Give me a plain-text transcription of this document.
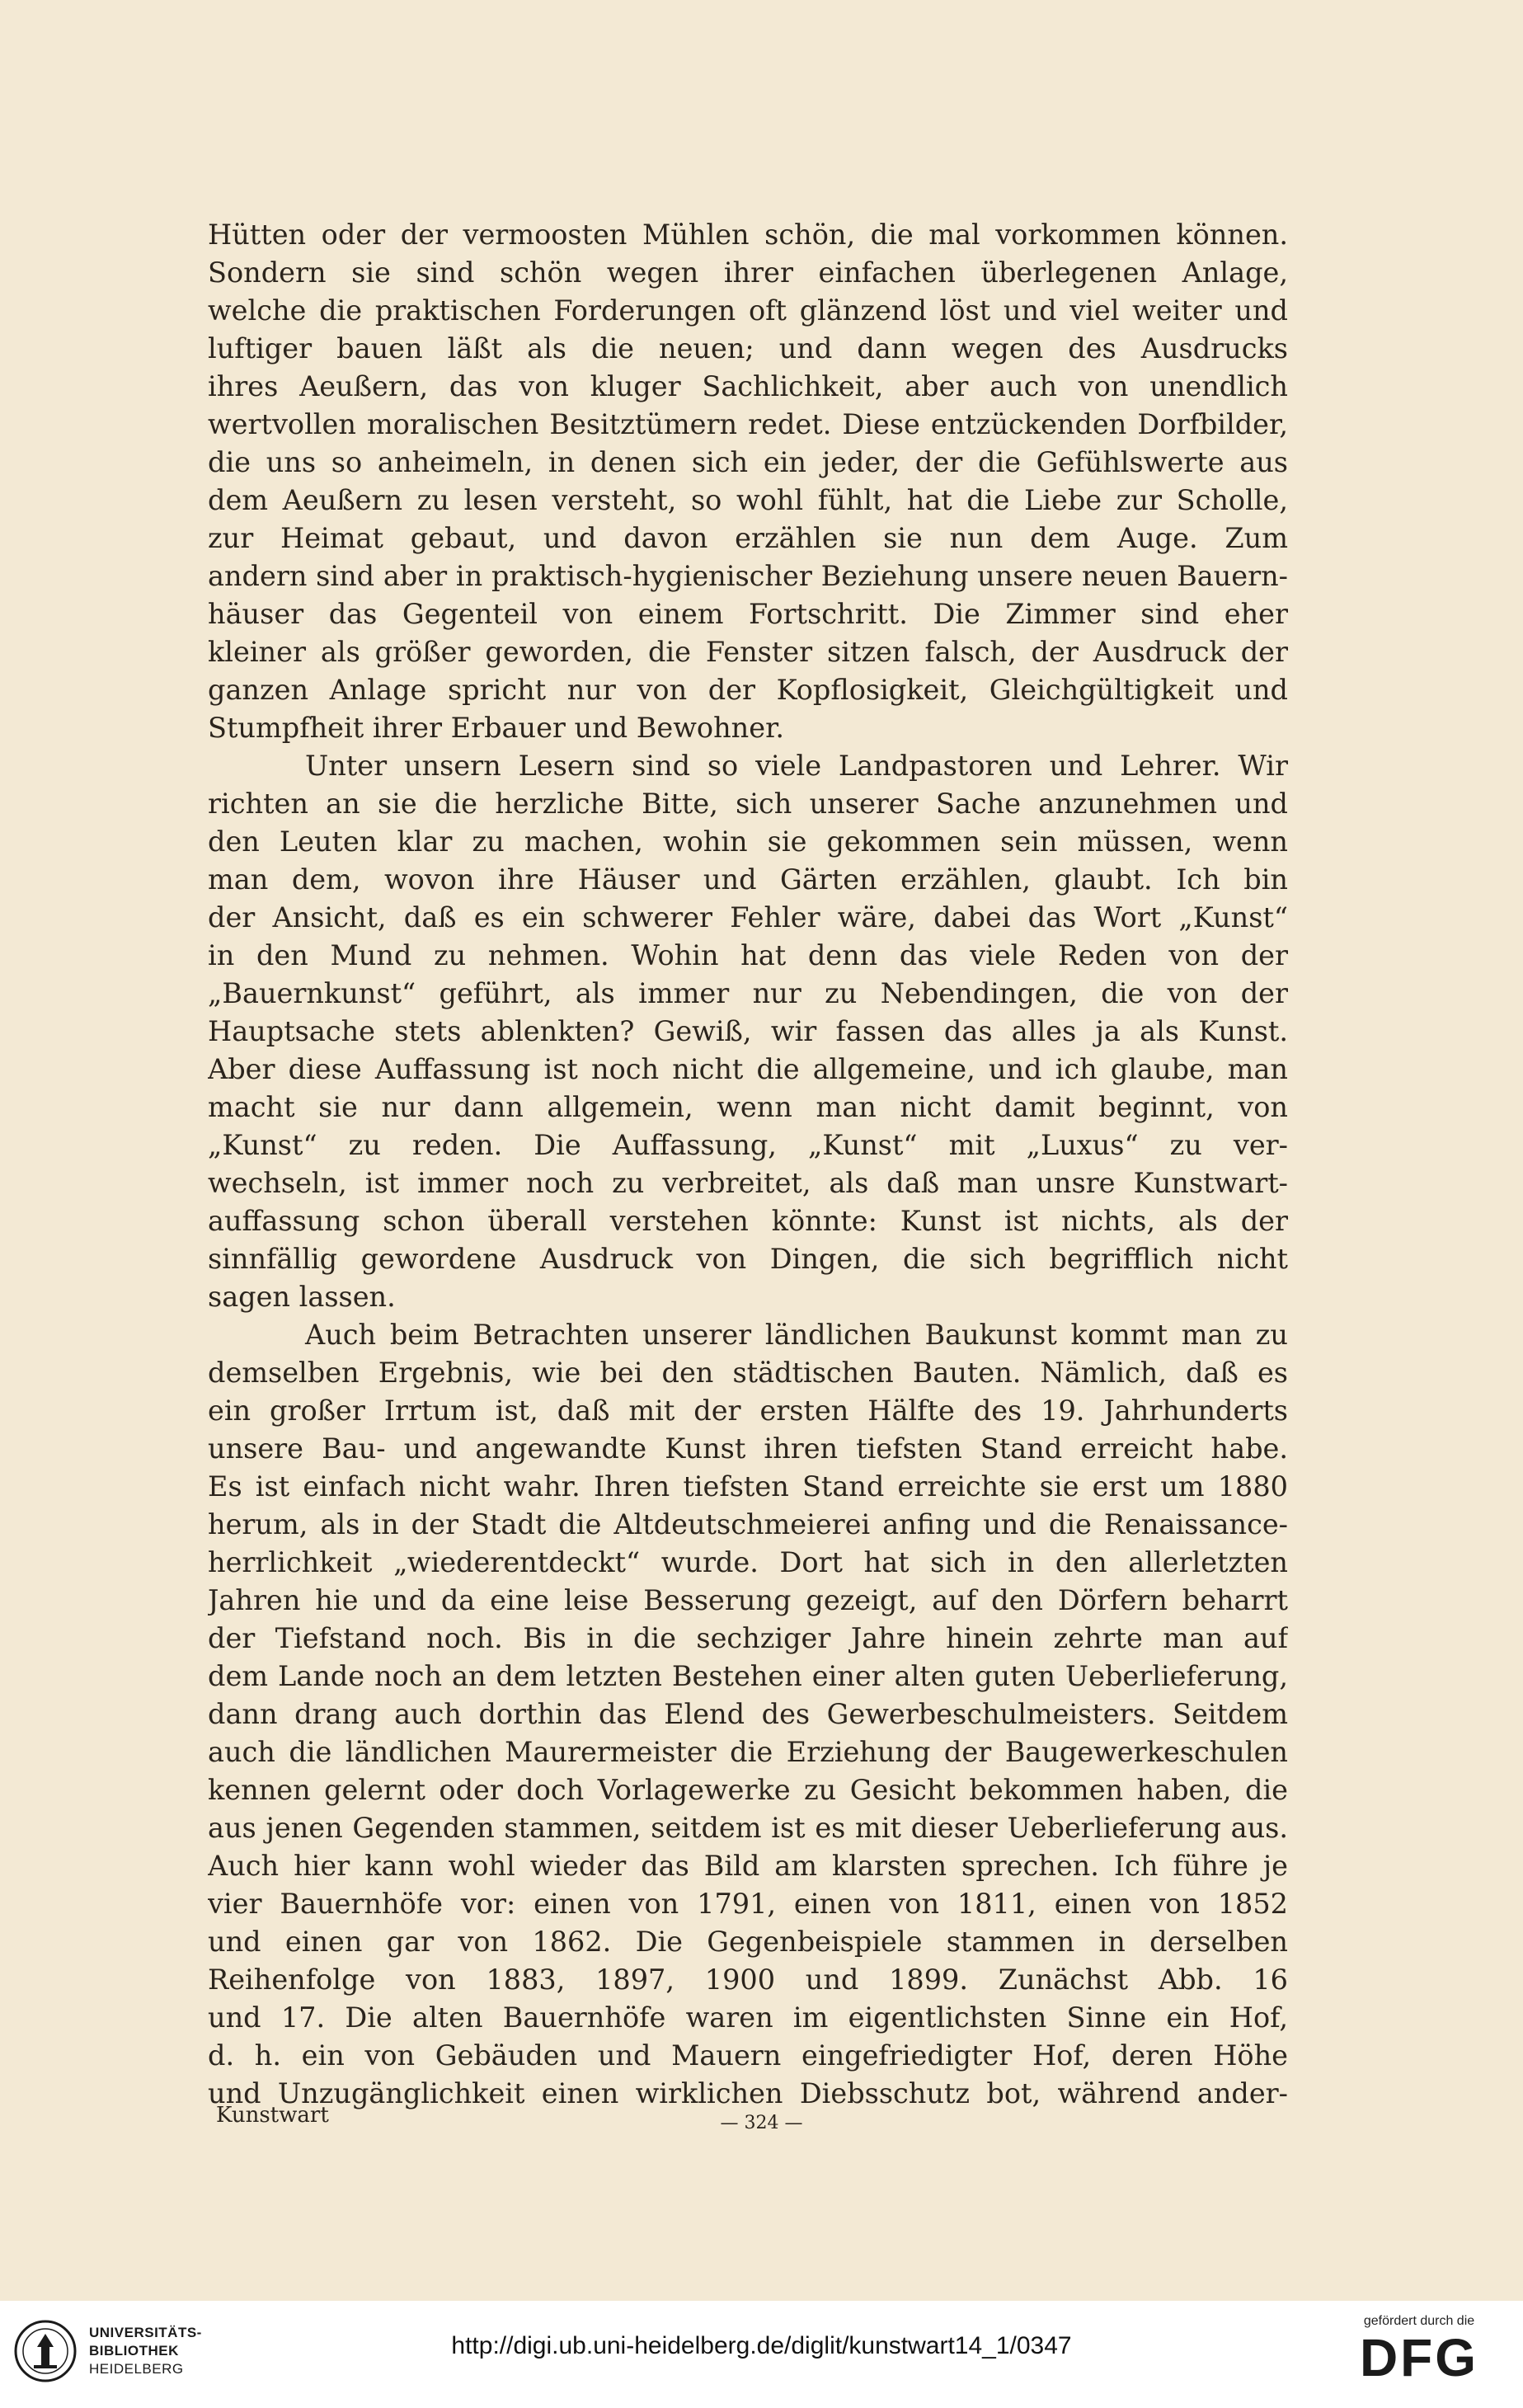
Hütten oder der vermoosten Mühlen schön, die mal vorkommen können.
Sondern sie sind schön wegen ihrer einfachen überlegenen Anlage,
welche die praktischen Forderungen oft glänzend löst und viel weiter und
luftiger bauen läßt als die neuen; und dann wegen des Ausdrucks
ihres Aeußern, das von kluger Sachlichkeit, aber auch von unendlich
wertvollen moralischen Besitztümern redet. Diese entzückenden Dorfbilder,
die uns so anheimeln, in denen sich ein jeder, der die Gefühlswerte aus
dem Aeußern zu lesen versteht, so wohl fühlt, hat die Liebe zur Scholle,
zur Heimat gebaut, und davon erzählen sie nun dem Auge. Zum
andern sind aber in praktisch-hygienischer Beziehung unsere neuen Bauern-
häuser das Gegenteil von einem Fortschritt. Die Zimmer sind eher
kleiner als größer geworden, die Fenster sitzen falsch, der Ausdruck der
ganzen Anlage spricht nur von der Kopflosigkeit, Gleichgültigkeit und
Stumpfheit ihrer Erbauer und Bewohner.
Unter unsern Lesern sind so viele Landpastoren und Lehrer. Wir
richten an sie die herzliche Bitte, sich unserer Sache anzunehmen und
den Leuten klar zu machen, wohin sie gekommen sein müssen, wenn
man dem, wovon ihre Häuser und Gärten erzählen, glaubt. Ich bin
der Ansicht, daß es ein schwerer Fehler wäre, dabei das Wort „Kunst“
in den Mund zu nehmen. Wohin hat denn das viele Reden von der
„Bauernkunst“ geführt, als immer nur zu Nebendingen, die von der
Hauptsache stets ablenkten? Gewiß, wir fassen das alles ja als Kunst.
Aber diese Auffassung ist noch nicht die allgemeine, und ich glaube, man
macht sie nur dann allgemein, wenn man nicht damit beginnt, von
„Kunst“ zu reden. Die Auffassung, „Kunst“ mit „Luxus“ zu ver-
wechseln, ist immer noch zu verbreitet, als daß man unsre Kunstwart-
auffassung schon überall verstehen könnte: Kunst ist nichts, als der
sinnfällig gewordene Ausdruck von Dingen, die sich begrifflich nicht
sagen lassen.
Auch beim Betrachten unserer ländlichen Baukunst kommt man zu
demselben Ergebnis, wie bei den städtischen Bauten. Nämlich, daß es
ein großer Irrtum ist, daß mit der ersten Hälfte des 19. Jahrhunderts
unsere Bau- und angewandte Kunst ihren tiefsten Stand erreicht habe.
Es ist einfach nicht wahr. Ihren tiefsten Stand erreichte sie erst um 1880
herum, als in der Stadt die Altdeutschmeierei anfing und die Renaissance-
herrlichkeit „wiederentdeckt“ wurde. Dort hat sich in den allerletzten
Jahren hie und da eine leise Besserung gezeigt, auf den Dörfern beharrt
der Tiefstand noch. Bis in die sechziger Jahre hinein zehrte man auf
dem Lande noch an dem letzten Bestehen einer alten guten Ueberlieferung,
dann drang auch dorthin das Elend des Gewerbeschulmeisters. Seitdem
auch die ländlichen Maurermeister die Erziehung der Baugewerkeschulen
kennen gelernt oder doch Vorlagewerke zu Gesicht bekommen haben, die
aus jenen Gegenden stammen, seitdem ist es mit dieser Ueberlieferung aus.
Auch hier kann wohl wieder das Bild am klarsten sprechen. Ich führe je
vier Bauernhöfe vor: einen von 1791, einen von 1811, einen von 1852
und einen gar von 1862. Die Gegenbeispiele stammen in derselben
Reihenfolge von 1883, 1897, 1900 und 1899. Zunächst Abb. 16
und 17. Die alten Bauernhöfe waren im eigentlichsten Sinne ein Hof,
d. h. ein von Gebäuden und Mauern eingefriedigter Hof, deren Höhe
und Unzugänglichkeit einen wirklichen Diebsschutz bot, während ander-
Kunstwart	— 324 —
UNIVERSITÄTS-
BIBLIOTHEK
HEIDELBERG
http://digi.ub.uni-heidelberg.de/diglit/kunstwart14_1/0347
gefördert durch die
DFG
